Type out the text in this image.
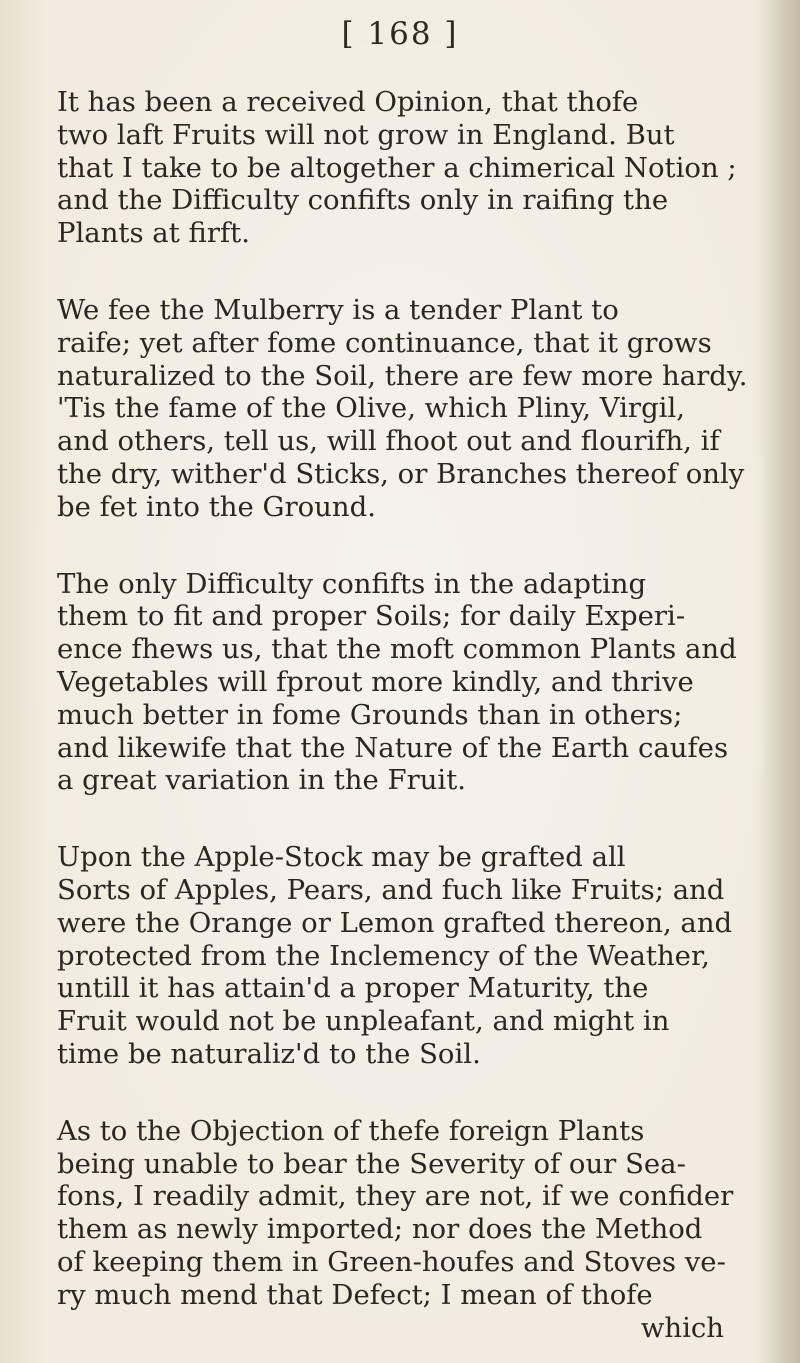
[ 168 ]

It has been a received Opinion, that thofe
two laft Fruits will not grow in England. But
that I take to be altogether a chimerical Notion ;
and the Difficulty confifts only in raifing the
Plants at firft.

We fee the Mulberry is a tender Plant to
raife; yet after fome continuance, that it grows
naturalized to the Soil, there are few more hardy.
'Tis the fame of the Olive, which Pliny, Virgil,
and others, tell us, will fhoot out and flourifh, if
the dry, wither'd Sticks, or Branches thereof only
be fet into the Ground.

The only Difficulty confifts in the adapting
them to fit and proper Soils; for daily Experi-
ence fhews us, that the moft common Plants and
Vegetables will fprout more kindly, and thrive
much better in fome Grounds than in others;
and likewife that the Nature of the Earth caufes
a great variation in the Fruit.

Upon the Apple-Stock may be grafted all
Sorts of Apples, Pears, and fuch like Fruits; and
were the Orange or Lemon grafted thereon, and
protected from the Inclemency of the Weather,
untill it has attain'd a proper Maturity, the
Fruit would not be unpleafant, and might in
time be naturaliz'd to the Soil.

As to the Objection of thefe foreign Plants
being unable to bear the Severity of our Sea-
fons, I readily admit, they are not, if we confider
them as newly imported; nor does the Method
of keeping them in Green-houfes and Stoves ve-
ry much mend that Defect; I mean of thofe
which
